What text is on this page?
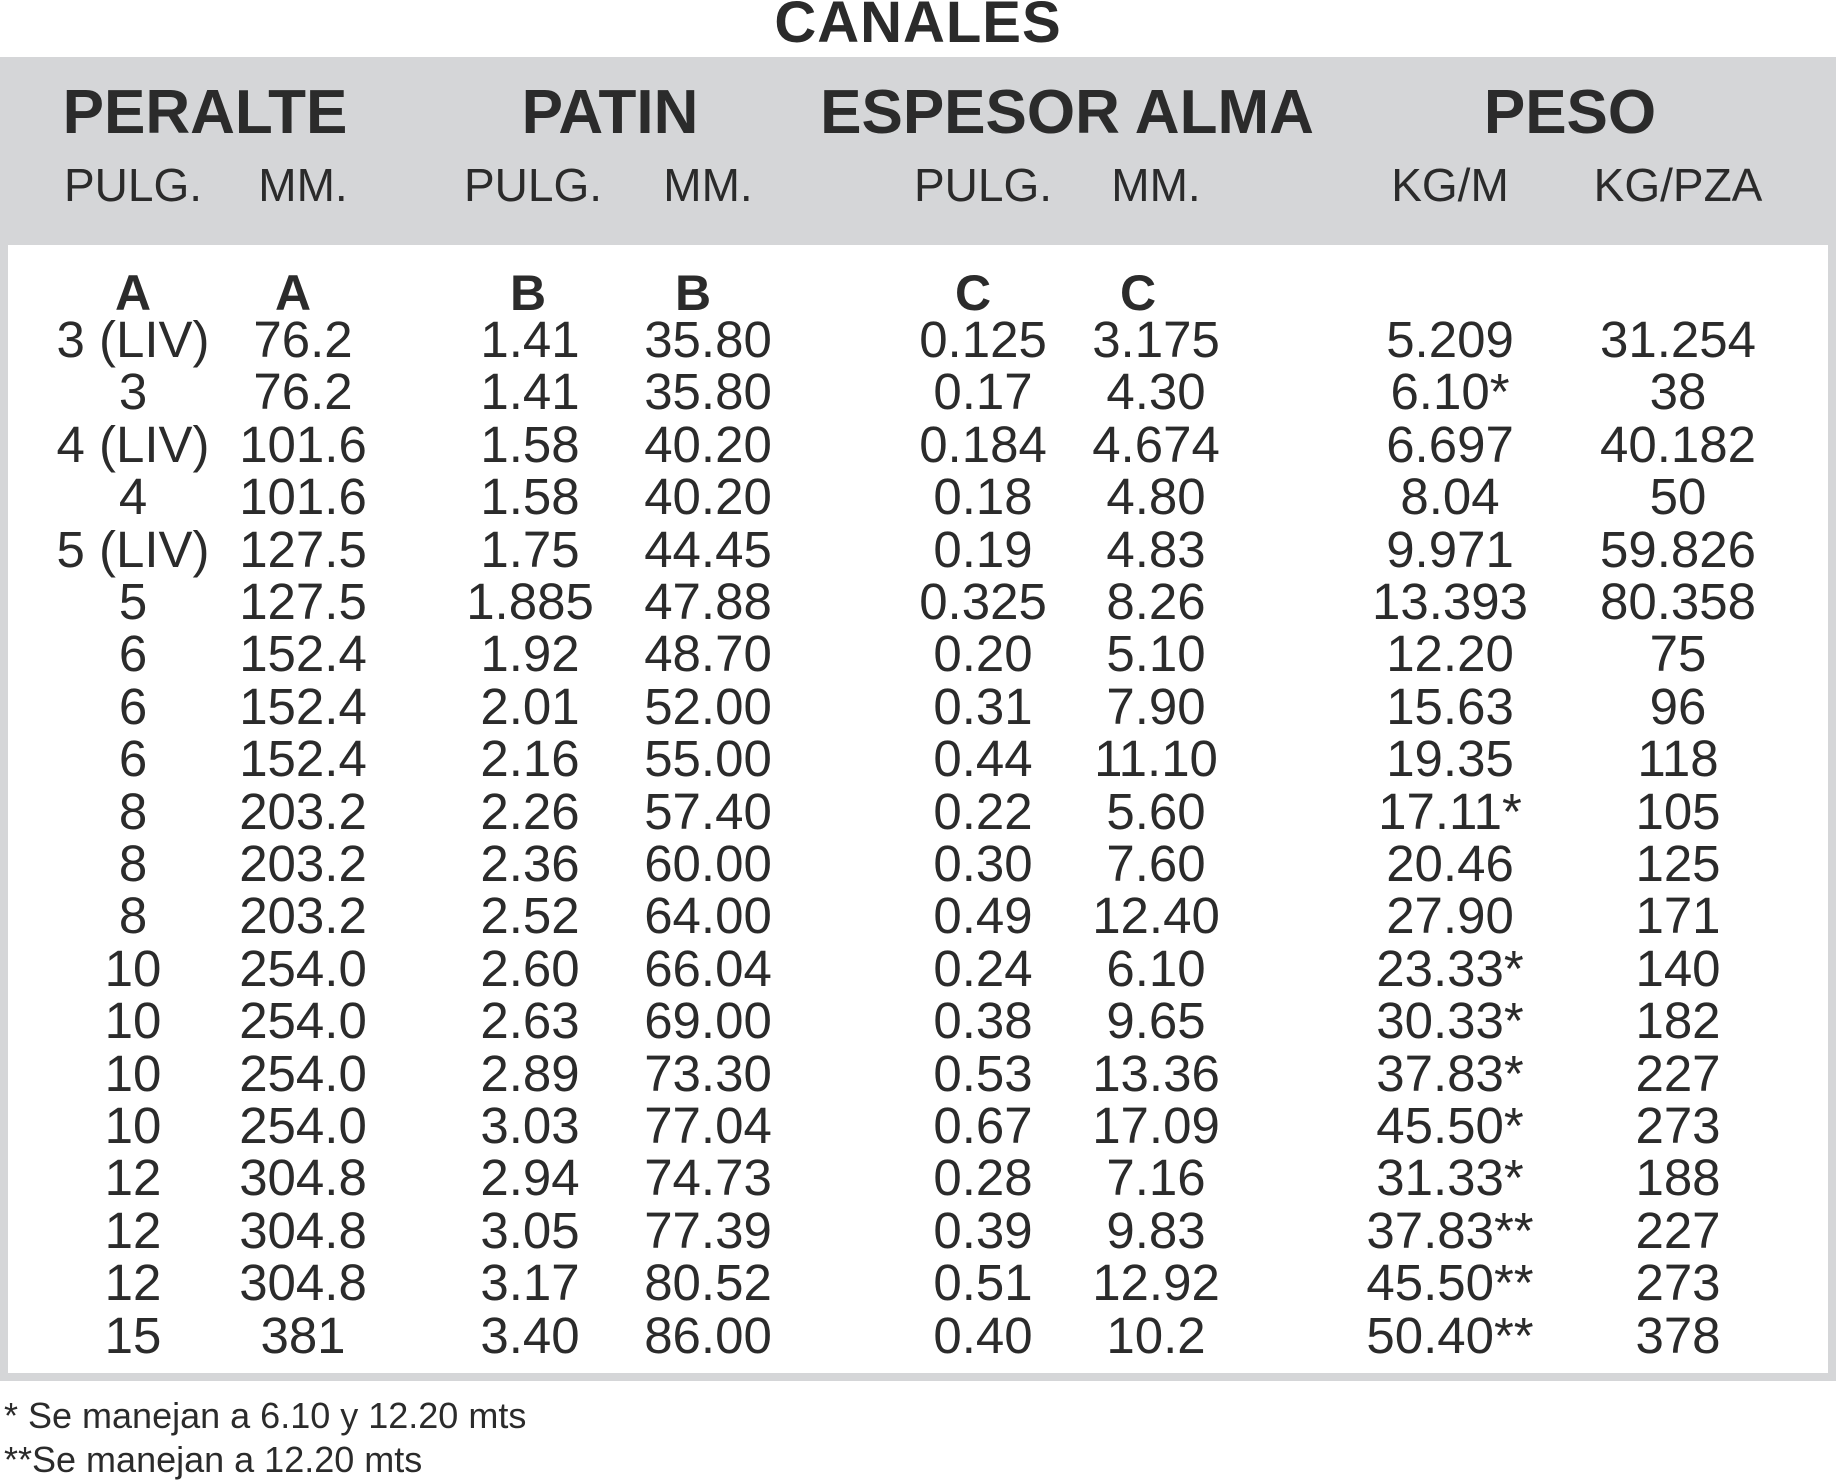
CANALES
PERALTE	PATIN ESPESOR ALMA	PESO
PULG. MM.	PULG. MM.	PULG. MM.	KG/M KG/PZA
A A	B	B	C	C
3 (LIV) 76.2	1.41 35.80	0.125 3.175	5.209 31.254
3 76.2	1.41 35.80	0.17 4.30	6.10*	38
4 (LIV) 101.6 1.58 40.20	0.184 4.674	6.697 40.182
4 101.6 1.58 40.20	0.18 4.80	8.04	50
5 (LIV) 127.5 1.75 44.45	0.19 4.83	9.971 59.826
5 127.5 1.885 47.88	0.325 8.26	13.393 80.358
6 152.4 1.92 48.70	0.20 5.10	12.20	75
6 152.4 2.01 52.00	0.31 7.90	15.63	96
6 152.4 2.16 55.00	0.44 11.10	19.35 118
8 203.2 2.26 57.40	0.22 5.60	17.11* 105
8 203.2 2.36 60.00	0.30 7.60	20.46 125
8 203.2 2.52 64.00	0.49 12.40	27.90 171
10 254.0 2.60 66.04	0.24 6.10	23.33* 140
10 254.0 2.63 69.00	0.38 9.65	30.33* 182
10 254.0 2.89 73.30	0.53 13.36	37.83* 227
10 254.0 3.03 77.04	0.67 17.09	45.50* 273
12 304.8 2.94 74.73	0.28 7.16	31.33* 188
12 304.8 3.05 77.39	0.39 9.83	37.83** 227
12 304.8 3.17 80.52	0.51 12.92	45.50** 273
15 381	3.40 86.00	0.40 10.2	50.40** 378
* Se manejan a 6.10 y 12.20 mts
**Se manejan a 12.20 mts
